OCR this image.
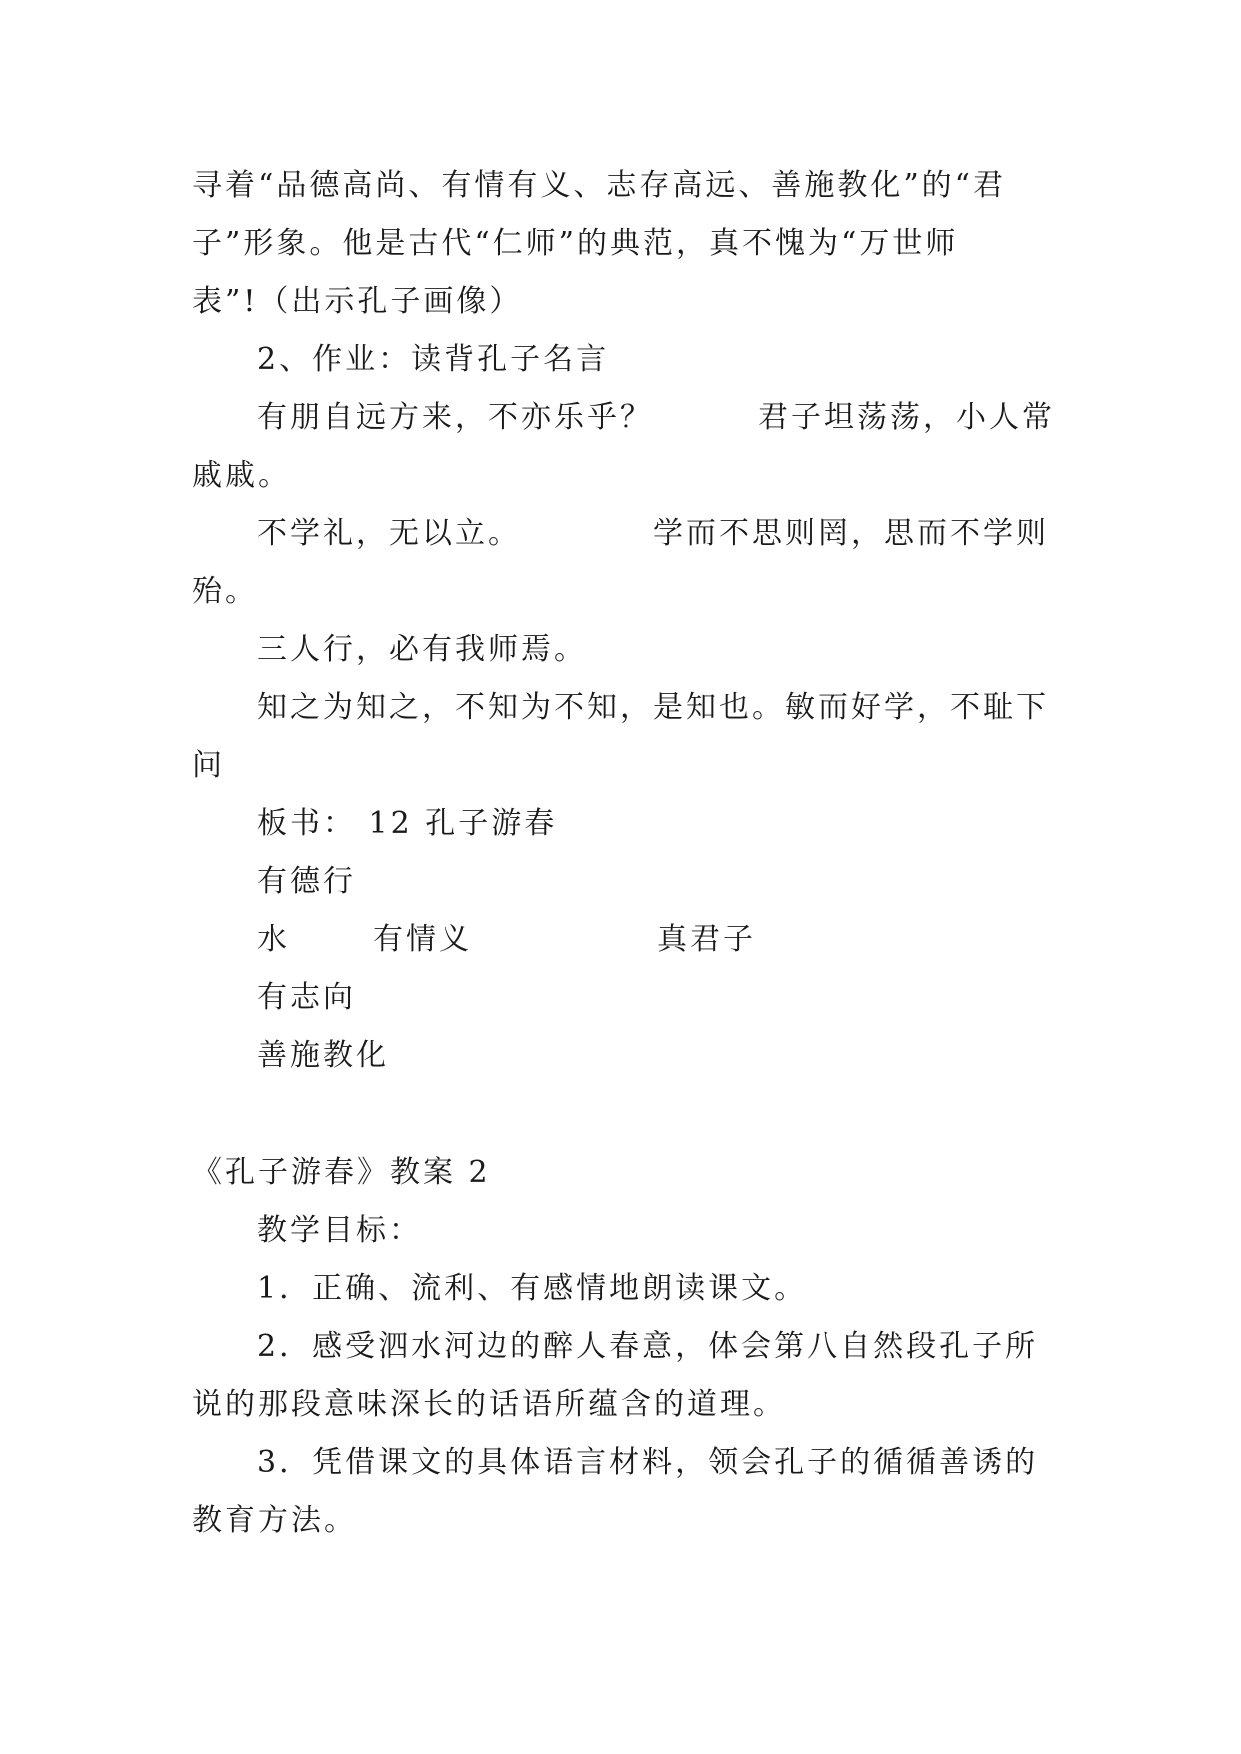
寻着“品德高尚、有情有义、志存高远、善施教化”的“君
子”形象。他是古代“仁师”的典范，真不愧为“万世师
表”!（出示孔子画像）
2、作业：读背孔子名言
有朋自远方来，不亦乐乎？	君子坦荡荡，小人常
戚戚。
不学礼，无以立。	学而不思则罔，思而不学则
殆。
三人行，必有我师焉。
知之为知之，不知为不知，是知也。敏而好学，不耻下
问
板书： 12 孔子游春
有德行
水	有情义	真君子
有志向
善施教化
《孔子游春》教案 2
教学目标：
1．正确、流利、有感情地朗读课文。
2．感受泗水河边的醉人春意，体会第八自然段孔子所
说的那段意味深长的话语所蕴含的道理。
3．凭借课文的具体语言材料，领会孔子的循循善诱的
教育方法。
